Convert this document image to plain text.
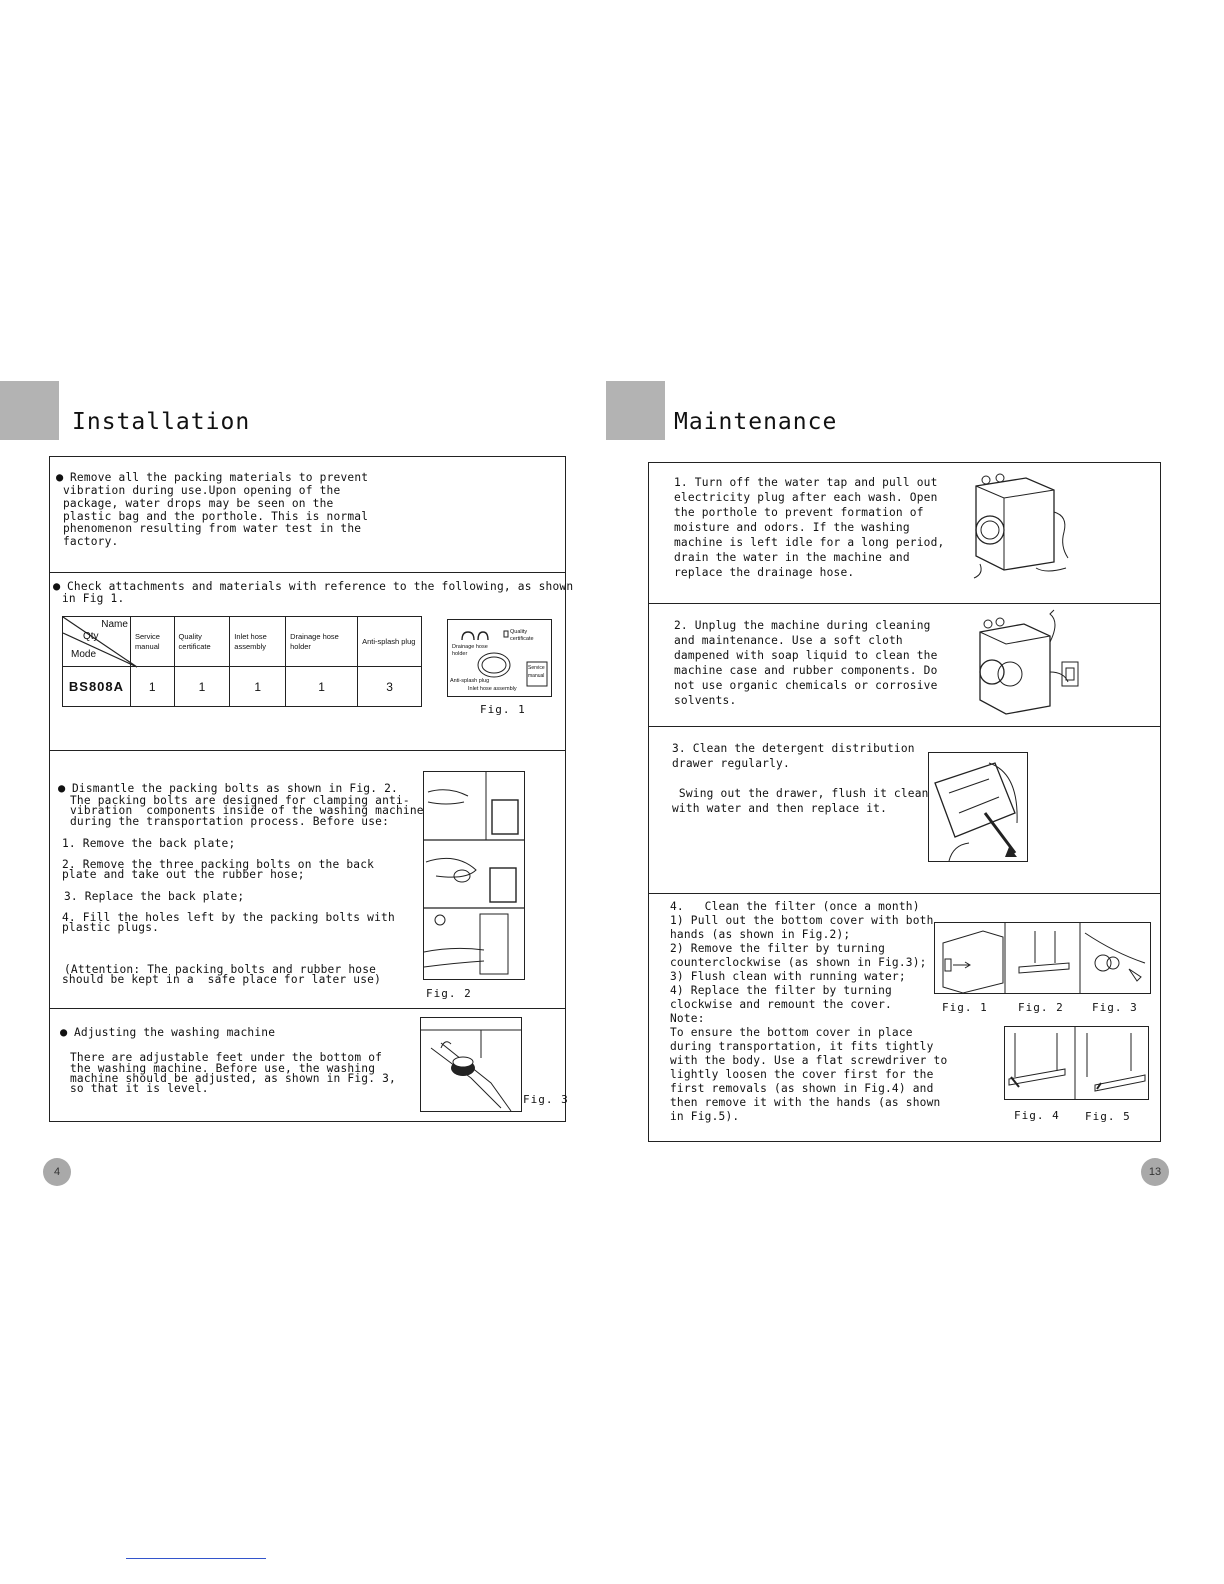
Installation
● Remove all the packing materials to prevent
vibration during use.Upon opening of the
package, water drops may be seen on the
plastic bag and the porthole. This is normal
phenomenon resulting from water test in the
factory.
● Check attachments and materials with reference to the following, as shown
in Fig 1.
Name
Qty
Mode	Service manual	Quality certificate	Inlet hose assembly	Drainage hose holder	Anti-splash plug
BS808A	1	1	1	1	3
Quality certificate
Drainage hose holder
Service manual
Anti-splash plug
Inlet hose assembly
Fig. 1
● Dismantle the packing bolts as shown in Fig. 2.
The packing bolts are designed for clamping anti-
vibration  components inside of the washing machine
during the transportation process. Before use:
1. Remove the back plate;
2. Remove the three packing bolts on the back
plate and take out the rubber hose;
3. Replace the back plate;
4. Fill the holes left by the packing bolts with
plastic plugs.
(Attention: The packing bolts and rubber hose
should be kept in a  safe place for later use)
Fig. 2
● Adjusting the washing machine
There are adjustable feet under the bottom of
the washing machine. Before use, the washing
machine should be adjusted, as shown in Fig. 3,
so that it is level.
Fig. 3
4
Maintenance
1. Turn off the water tap and pull out
electricity plug after each wash. Open
the porthole to prevent formation of
moisture and odors. If the washing
machine is left idle for a long period,
drain the water in the machine and
replace the drainage hose.
2. Unplug the machine during cleaning
and maintenance. Use a soft cloth
dampened with soap liquid to clean the
machine case and rubber components. Do
not use organic chemicals or corrosive
solvents.
3. Clean the detergent distribution
drawer regularly.
Swing out the drawer, flush it clean
with water and then replace it.
4.   Clean the filter (once a month)
1) Pull out the bottom cover with both
hands (as shown in Fig.2);
2) Remove the filter by turning
counterclockwise (as shown in Fig.3);
3) Flush clean with running water;
4) Replace the filter by turning
clockwise and remount the cover.
Note:
To ensure the bottom cover in place
during transportation, it fits tightly
with the body. Use a flat screwdriver to
lightly loosen the cover first for the
first removals (as shown in Fig.4) and
then remove it with the hands (as shown
in Fig.5).
Fig. 1	Fig. 2	Fig. 3
Fig. 4 Fig. 5
13
